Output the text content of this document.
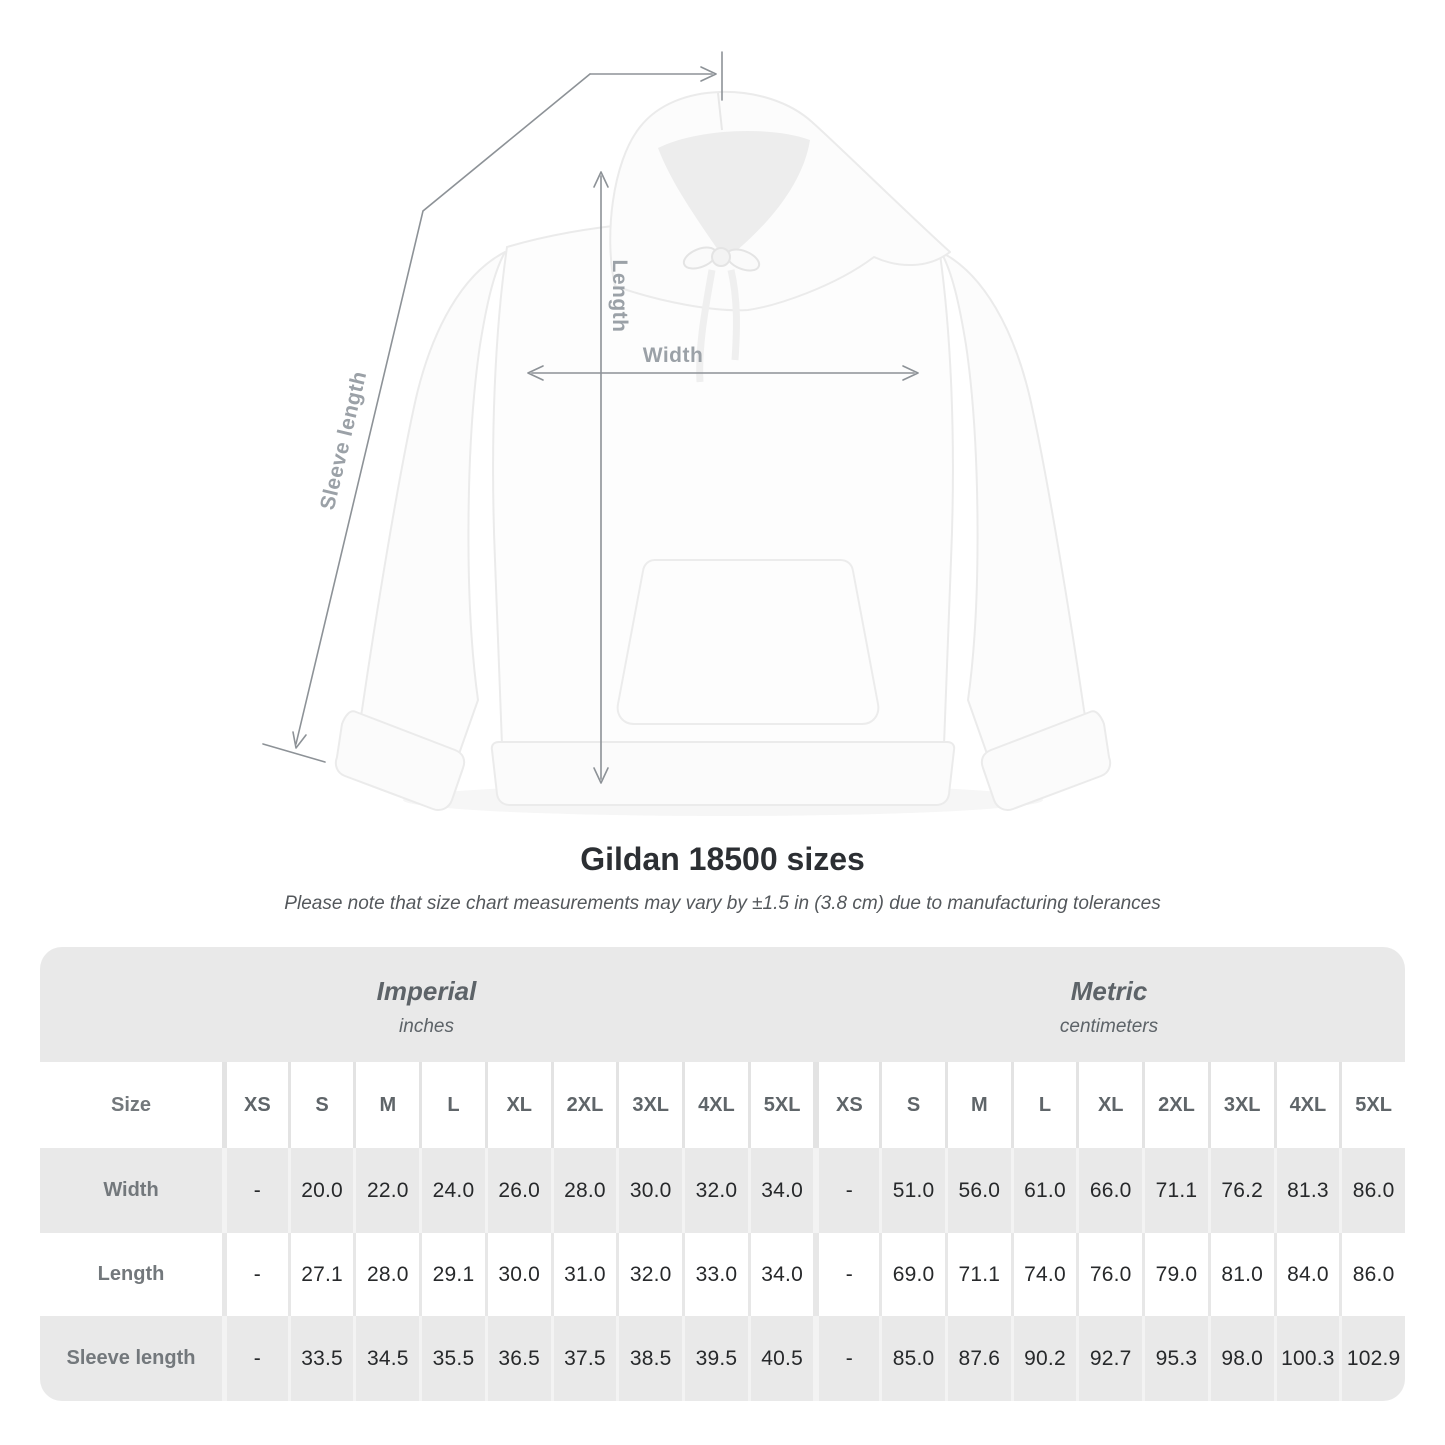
Length
Width
Sleeve length
Gildan 18500 sizes

Please note that size chart measurements may vary by ±1.5 in (3.8 cm) due to manufacturing tolerances

Imperial
inches
Metric
centimeters
Size	XS	S	M	L	XL	2XL	3XL	4XL	5XL	XS	S	M	L	XL	2XL	3XL	4XL	5XL
Width	-	20.0	22.0	24.0	26.0	28.0	30.0	32.0	34.0	-	51.0	56.0	61.0	66.0	71.1	76.2	81.3	86.0
Length	-	27.1	28.0	29.1	30.0	31.0	32.0	33.0	34.0	-	69.0	71.1	74.0	76.0	79.0	81.0	84.0	86.0
Sleeve length	-	33.5	34.5	35.5	36.5	37.5	38.5	39.5	40.5	-	85.0	87.6	90.2	92.7	95.3	98.0 100.3 102.9
